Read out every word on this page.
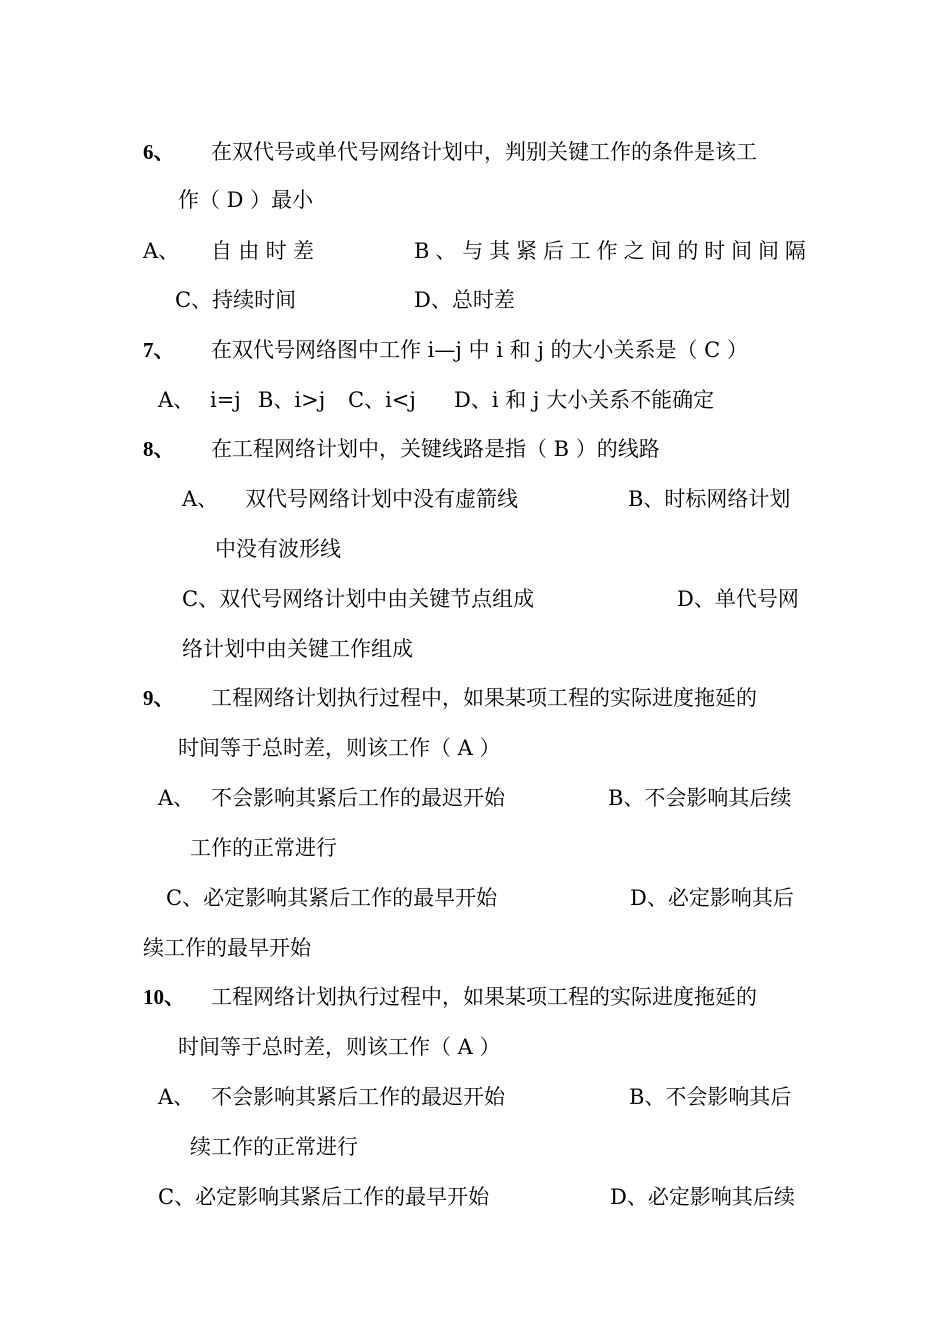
6、 在双代号或单代号网络计划中，判别关键工作的条件是该工
作（ D ）最小
A、 自 由 时 差	B 、 与 其 紧 后 工 作 之 间 的 时 间 间 隔
C、持续时间	D、总时差
7、 在双代号网络图中工作 i—j 中 i 和 j 的大小关系是（ C ）
A、 i=j B、i>j C、i<j D、i 和 j 大小关系不能确定
8、 在工程网络计划中，关键线路是指（ B ）的线路
A、 双代号网络计划中没有虚箭线	B、时标网络计划
中没有波形线
C、双代号网络计划中由关键节点组成	D、单代号网
络计划中由关键工作组成
9、 工程网络计划执行过程中，如果某项工程的实际进度拖延的
时间等于总时差，则该工作（ A ）
A、 不会影响其紧后工作的最迟开始	B、不会影响其后续
工作的正常进行
C、必定影响其紧后工作的最早开始	D、必定影响其后
续工作的最早开始
10、 工程网络计划执行过程中，如果某项工程的实际进度拖延的
时间等于总时差，则该工作（ A ）
A、 不会影响其紧后工作的最迟开始	B、不会影响其后
续工作的正常进行
C、必定影响其紧后工作的最早开始	D、必定影响其后续
